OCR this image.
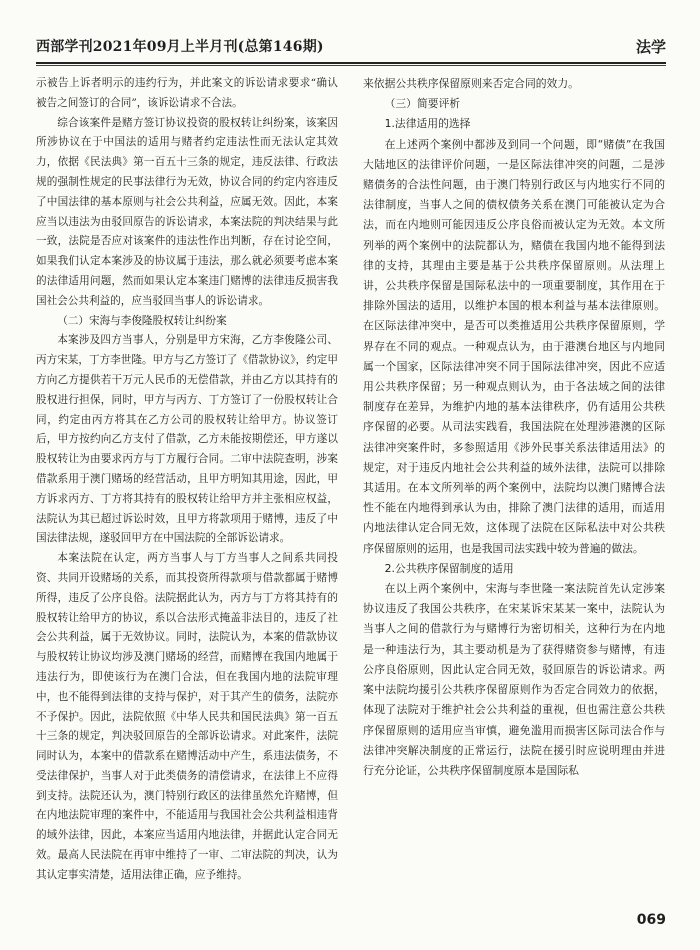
西部学刊2021年09月上半月刊(总第146期)	法学

示被告上诉者明示的违约行为，并此案文的诉讼请求要求“确认被告之间签订的合同”，该诉讼请求不合法。

综合该案件是赌方签订协议投资的股权转让纠纷案，该案因所涉协议在于中国法的适用与赌者约定违法性而无法认定其效力，依据《民法典》第一百五十三条的规定，违反法律、行政法规的强制性规定的民事法律行为无效，协议合同的约定内容违反了中国法律的基本原则与社会公共利益，应属无效。因此，本案应当以违法为由驳回原告的诉讼请求，本案法院的判决结果与此一致，法院是否应对该案件的违法性作出判断，存在讨论空间，如果我们认定本案涉及的协议属于违法，那么就必须要考虑本案的法律适用问题，然而如果认定本案违门赌博的法律违反损害我国社会公共利益的，应当驳回当事人的诉讼请求。

（二）宋海与李俊隆股权转让纠纷案

本案涉及四方当事人，分别是甲方宋海，乙方李俊隆公司、丙方宋某，丁方李世隆。甲方与乙方签订了《借款协议》，约定甲方向乙方提供若干万元人民币的无偿借款，并由乙方以其持有的股权进行担保，同时，甲方与丙方、丁方签订了一份股权转让合同，约定由丙方将其在乙方公司的股权转让给甲方。协议签订后，甲方按约向乙方支付了借款，乙方未能按期偿还，甲方遂以股权转让为由要求丙方与丁方履行合同。二审中法院查明，涉案借款系用于澳门赌场的经营活动，且甲方明知其用途，因此，甲方诉求丙方、丁方将其持有的股权转让给甲方并主张相应权益，法院认为其已超过诉讼时效，且甲方将款项用于赌博，违反了中国法律法规，遂驳回甲方在中国法院的全部诉讼请求。

本案法院在认定，两方当事人与丁方当事人之间系共同投资、共同开设赌场的关系，而其投资所得款项与借款都属于赌博所得，违反了公序良俗。法院据此认为，丙方与丁方将其持有的股权转让给甲方的协议，系以合法形式掩盖非法目的，违反了社会公共利益，属于无效协议。同时，法院认为，本案的借款协议与股权转让协议均涉及澳门赌场的经营，而赌博在我国内地属于违法行为，即使该行为在澳门合法，但在我国内地的法院审理中，也不能得到法律的支持与保护，对于其产生的债务，法院亦不予保护。因此，法院依照《中华人民共和国民法典》第一百五十三条的规定，判决驳回原告的全部诉讼请求。对此案件，法院同时认为，本案中的借款系在赌博活动中产生，系违法债务，不受法律保护，当事人对于此类债务的清偿请求，在法律上不应得到支持。法院还认为，澳门特别行政区的法律虽然允许赌博，但在内地法院审理的案件中，不能适用与我国社会公共利益相违背的域外法律，因此，本案应当适用内地法律，并据此认定合同无效。最高人民法院在再审中维持了一审、二审法院的判决，认为其认定事实清楚，适用法律正确，应予维持。

来依据公共秩序保留原则来否定合同的效力。

（三）简要评析
1.法律适用的选择

在上述两个案例中都涉及到同一个问题，即“赌债”在我国大陆地区的法律评价问题，一是区际法律冲突的问题，二是涉赌债务的合法性问题，由于澳门特别行政区与内地实行不同的法律制度，当事人之间的债权债务关系在澳门可能被认定为合法，而在内地则可能因违反公序良俗而被认定为无效。本文所列举的两个案例中的法院都认为，赌债在我国内地不能得到法律的支持，其理由主要是基于公共秩序保留原则。从法理上讲，公共秩序保留是国际私法中的一项重要制度，其作用在于排除外国法的适用，以维护本国的根本利益与基本法律原则。在区际法律冲突中，是否可以类推适用公共秩序保留原则，学界存在不同的观点。一种观点认为，由于港澳台地区与内地同属一个国家，区际法律冲突不同于国际法律冲突，因此不应适用公共秩序保留；另一种观点则认为，由于各法域之间的法律制度存在差异，为维护内地的基本法律秩序，仍有适用公共秩序保留的必要。从司法实践看，我国法院在处理涉港澳的区际法律冲突案件时，多参照适用《涉外民事关系法律适用法》的规定，对于违反内地社会公共利益的域外法律，法院可以排除其适用。在本文所列举的两个案例中，法院均以澳门赌博合法性不能在内地得到承认为由，排除了澳门法律的适用，而适用内地法律认定合同无效，这体现了法院在区际私法中对公共秩序保留原则的运用，也是我国司法实践中较为普遍的做法。

2.公共秩序保留制度的适用

在以上两个案例中，宋海与李世隆一案法院首先认定涉案协议违反了我国公共秩序，在宋某诉宋某某一案中，法院认为当事人之间的借款行为与赌博行为密切相关，这种行为在内地是一种违法行为，其主要动机是为了获得赌资参与赌博，有违公序良俗原则，因此认定合同无效，驳回原告的诉讼请求。两案中法院均援引公共秩序保留原则作为否定合同效力的依据，体现了法院对于维护社会公共利益的重视，但也需注意公共秩序保留原则的适用应当审慎，避免滥用而损害区际司法合作与法律冲突解决制度的正常运行，法院在援引时应说明理由并进行充分论证，公共秩序保留制度原本是国际私

069
